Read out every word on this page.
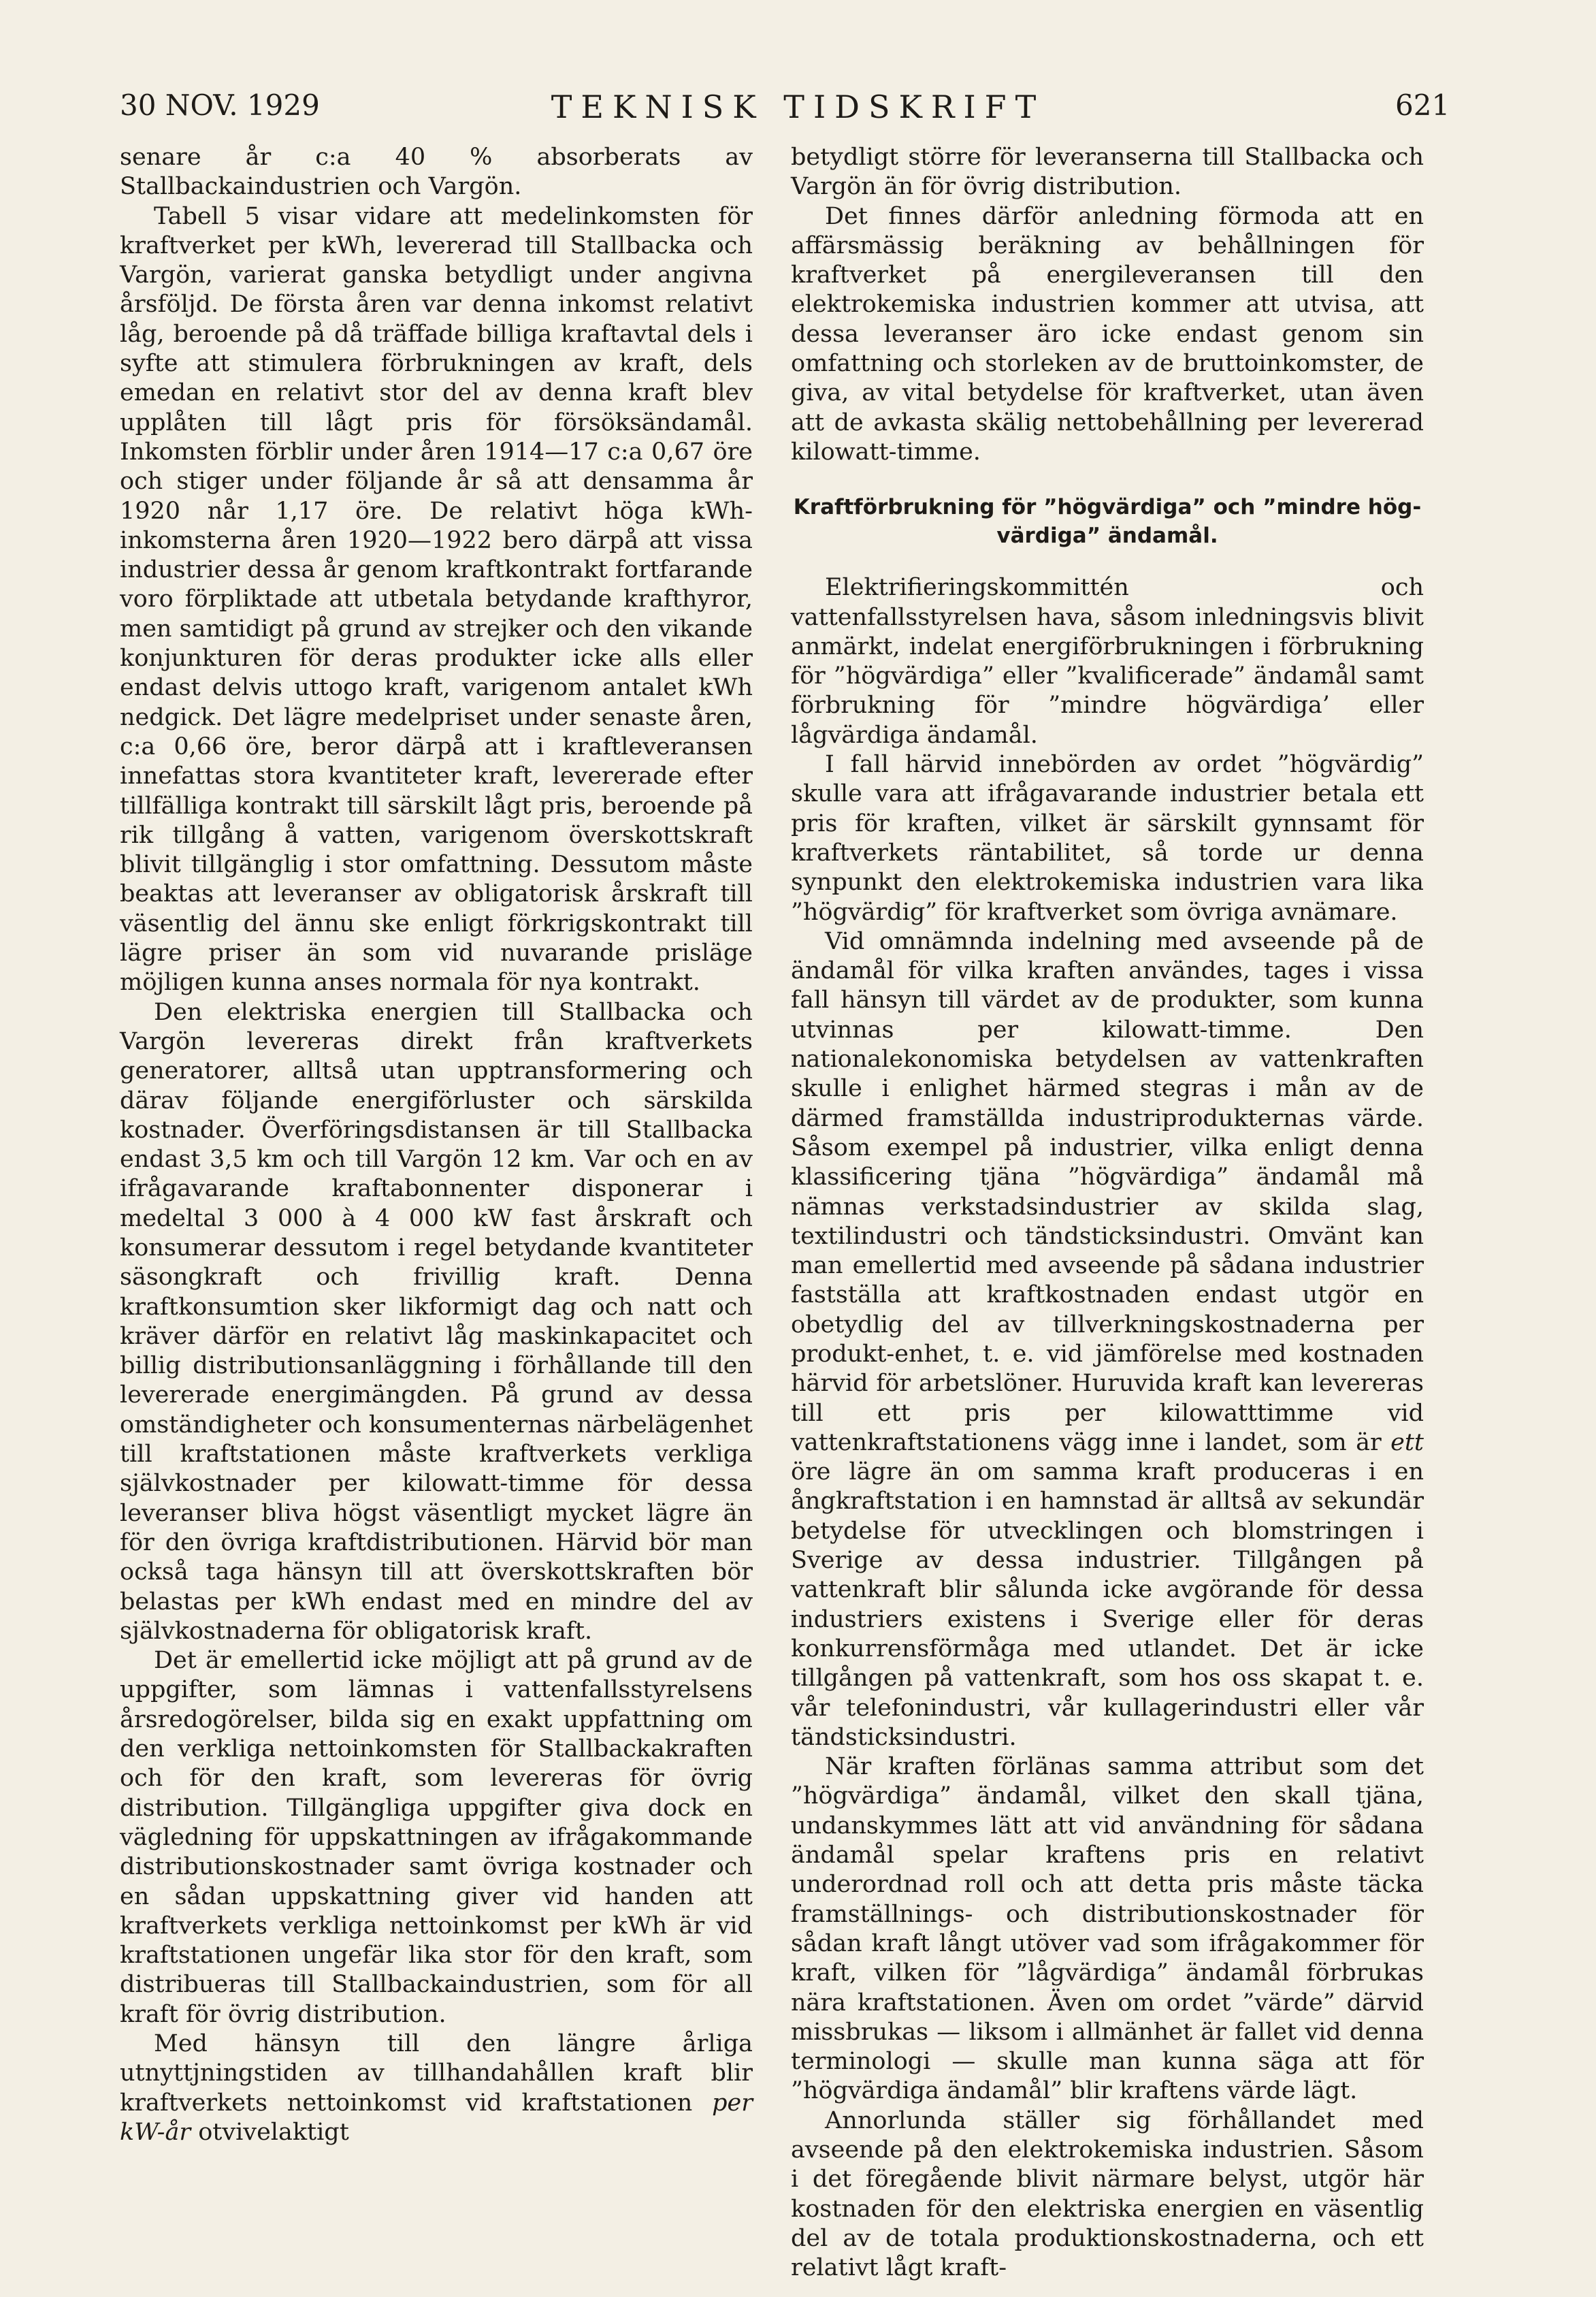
30 NOV. 1929	TEKNISK TIDSKRIFT	621

senare år c:a 40 % absorberats av Stallbackaindustrien och Vargön.

Tabell 5 visar vidare att medelinkomsten för kraftverket per kWh, levererad till Stallbacka och Vargön, varierat ganska betydligt under angivna årsföljd. De första åren var denna inkomst relativt låg, beroende på då träffade billiga kraftavtal dels i syfte att stimulera förbrukningen av kraft, dels emedan en relativt stor del av denna kraft blev upplåten till lågt pris för försöksändamål. Inkomsten förblir under åren 1914—17 c:a 0,67 öre och stiger under följande år så att densamma år 1920 når 1,17 öre. De relativt höga kWh-inkomsterna åren 1920—1922 bero därpå att vissa industrier dessa år genom kraftkontrakt fortfarande voro förpliktade att utbetala betydande krafthyror, men samtidigt på grund av strejker och den vikande konjunkturen för deras produkter icke alls eller endast delvis uttogo kraft, varigenom antalet kWh nedgick. Det lägre medelpriset under senaste åren, c:a 0,66 öre, beror därpå att i kraftleveransen innefattas stora kvantiteter kraft, levererade efter tillfälliga kontrakt till särskilt lågt pris, beroende på rik tillgång å vatten, varigenom överskottskraft blivit tillgänglig i stor omfattning. Dessutom måste beaktas att leveranser av obligatorisk årskraft till väsentlig del ännu ske enligt förkrigskontrakt till lägre priser än som vid nuvarande prisläge möjligen kunna anses normala för nya kontrakt.

Den elektriska energien till Stallbacka och Vargön levereras direkt från kraftverkets generatorer, alltså utan upptransformering och därav följande energiförluster och särskilda kostnader. Överföringsdistansen är till Stallbacka endast 3,5 km och till Vargön 12 km. Var och en av ifrågavarande kraftabonnenter disponerar i medeltal 3 000 à 4 000 kW fast årskraft och konsumerar dessutom i regel betydande kvantiteter säsongkraft och frivillig kraft. Denna kraftkonsumtion sker likformigt dag och natt och kräver därför en relativt låg maskinkapacitet och billig distributionsanläggning i förhållande till den levererade energimängden. På grund av dessa omständigheter och konsumenternas närbelägenhet till kraftstationen måste kraftverkets verkliga självkostnader per kilowatt-timme för dessa leveranser bliva högst väsentligt mycket lägre än för den övriga kraftdistributionen. Härvid bör man också taga hänsyn till att överskottskraften bör belastas per kWh endast med en mindre del av självkostnaderna för obligatorisk kraft.

Det är emellertid icke möjligt att på grund av de uppgifter, som lämnas i vattenfallsstyrelsens årsredogörelser, bilda sig en exakt uppfattning om den verkliga nettoinkomsten för Stallbackakraften och för den kraft, som levereras för övrig distribution. Tillgängliga uppgifter giva dock en vägledning för uppskattningen av ifrågakommande distributionskostnader samt övriga kostnader och en sådan uppskattning giver vid handen att kraftverkets verkliga nettoinkomst per kWh är vid kraftstationen ungefär lika stor för den kraft, som distribueras till Stallbackaindustrien, som för all kraft för övrig distribution.

Med hänsyn till den längre årliga utnyttjningstiden av tillhandahållen kraft blir kraftverkets nettoinkomst vid kraftstationen per kW-år otvivelaktigt

betydligt större för leveranserna till Stallbacka och Vargön än för övrig distribution.

Det finnes därför anledning förmoda att en affärsmässig beräkning av behållningen för kraftverket på energileveransen till den elektrokemiska industrien kommer att utvisa, att dessa leveranser äro icke endast genom sin omfattning och storleken av de bruttoinkomster, de giva, av vital betydelse för kraftverket, utan även att de avkasta skälig nettobehållning per levererad kilowatt-timme.

Kraftförbrukning för ”högvärdiga” och ”mindre hög-
värdiga” ändamål.

Elektrifieringskommittén och vattenfallsstyrelsen hava, såsom inledningsvis blivit anmärkt, indelat energiförbrukningen i förbrukning för ”högvärdiga” eller ”kvalificerade” ändamål samt förbrukning för ”mindre högvärdiga’ eller lågvärdiga ändamål.

I fall härvid innebörden av ordet ”högvärdig” skulle vara att ifrågavarande industrier betala ett pris för kraften, vilket är särskilt gynnsamt för kraftverkets räntabilitet, så torde ur denna synpunkt den elektrokemiska industrien vara lika ”högvärdig” för kraftverket som övriga avnämare.

Vid omnämnda indelning med avseende på de ändamål för vilka kraften användes, tages i vissa fall hänsyn till värdet av de produkter, som kunna utvinnas per kilowatt-timme. Den nationalekonomiska betydelsen av vattenkraften skulle i enlighet härmed stegras i mån av de därmed framställda industriprodukternas värde. Såsom exempel på industrier, vilka enligt denna klassificering tjäna ”högvärdiga” ändamål må nämnas verkstadsindustrier av skilda slag, textilindustri och tändsticksindustri. Omvänt kan man emellertid med avseende på sådana industrier fastställa att kraftkostnaden endast utgör en obetydlig del av tillverkningskostnaderna per produkt-enhet, t. e. vid jämförelse med kostnaden härvid för arbetslöner. Huruvida kraft kan levereras till ett pris per kilowatttimme vid vattenkraftstationens vägg inne i landet, som är ett öre lägre än om samma kraft produceras i en ångkraftstation i en hamnstad är alltså av sekundär betydelse för utvecklingen och blomstringen i Sverige av dessa industrier. Tillgången på vattenkraft blir sålunda icke avgörande för dessa industriers existens i Sverige eller för deras konkurrensförmåga med utlandet. Det är icke tillgången på vattenkraft, som hos oss skapat t. e. vår telefonindustri, vår kullagerindustri eller vår tändsticksindustri.

När kraften förlänas samma attribut som det ”högvärdiga” ändamål, vilket den skall tjäna, undanskymmes lätt att vid användning för sådana ändamål spelar kraftens pris en relativt underordnad roll och att detta pris måste täcka framställnings- och distributionskostnader för sådan kraft långt utöver vad som ifrågakommer för kraft, vilken för ”lågvärdiga” ändamål förbrukas nära kraftstationen. Även om ordet ”värde” därvid missbrukas — liksom i allmänhet är fallet vid denna terminologi — skulle man kunna säga att för ”högvärdiga ändamål” blir kraftens värde lägt.

Annorlunda ställer sig förhållandet med avseende på den elektrokemiska industrien. Såsom i det föregående blivit närmare belyst, utgör här kostnaden för den elektriska energien en väsentlig del av de totala produktionskostnaderna, och ett relativt lågt kraft-
